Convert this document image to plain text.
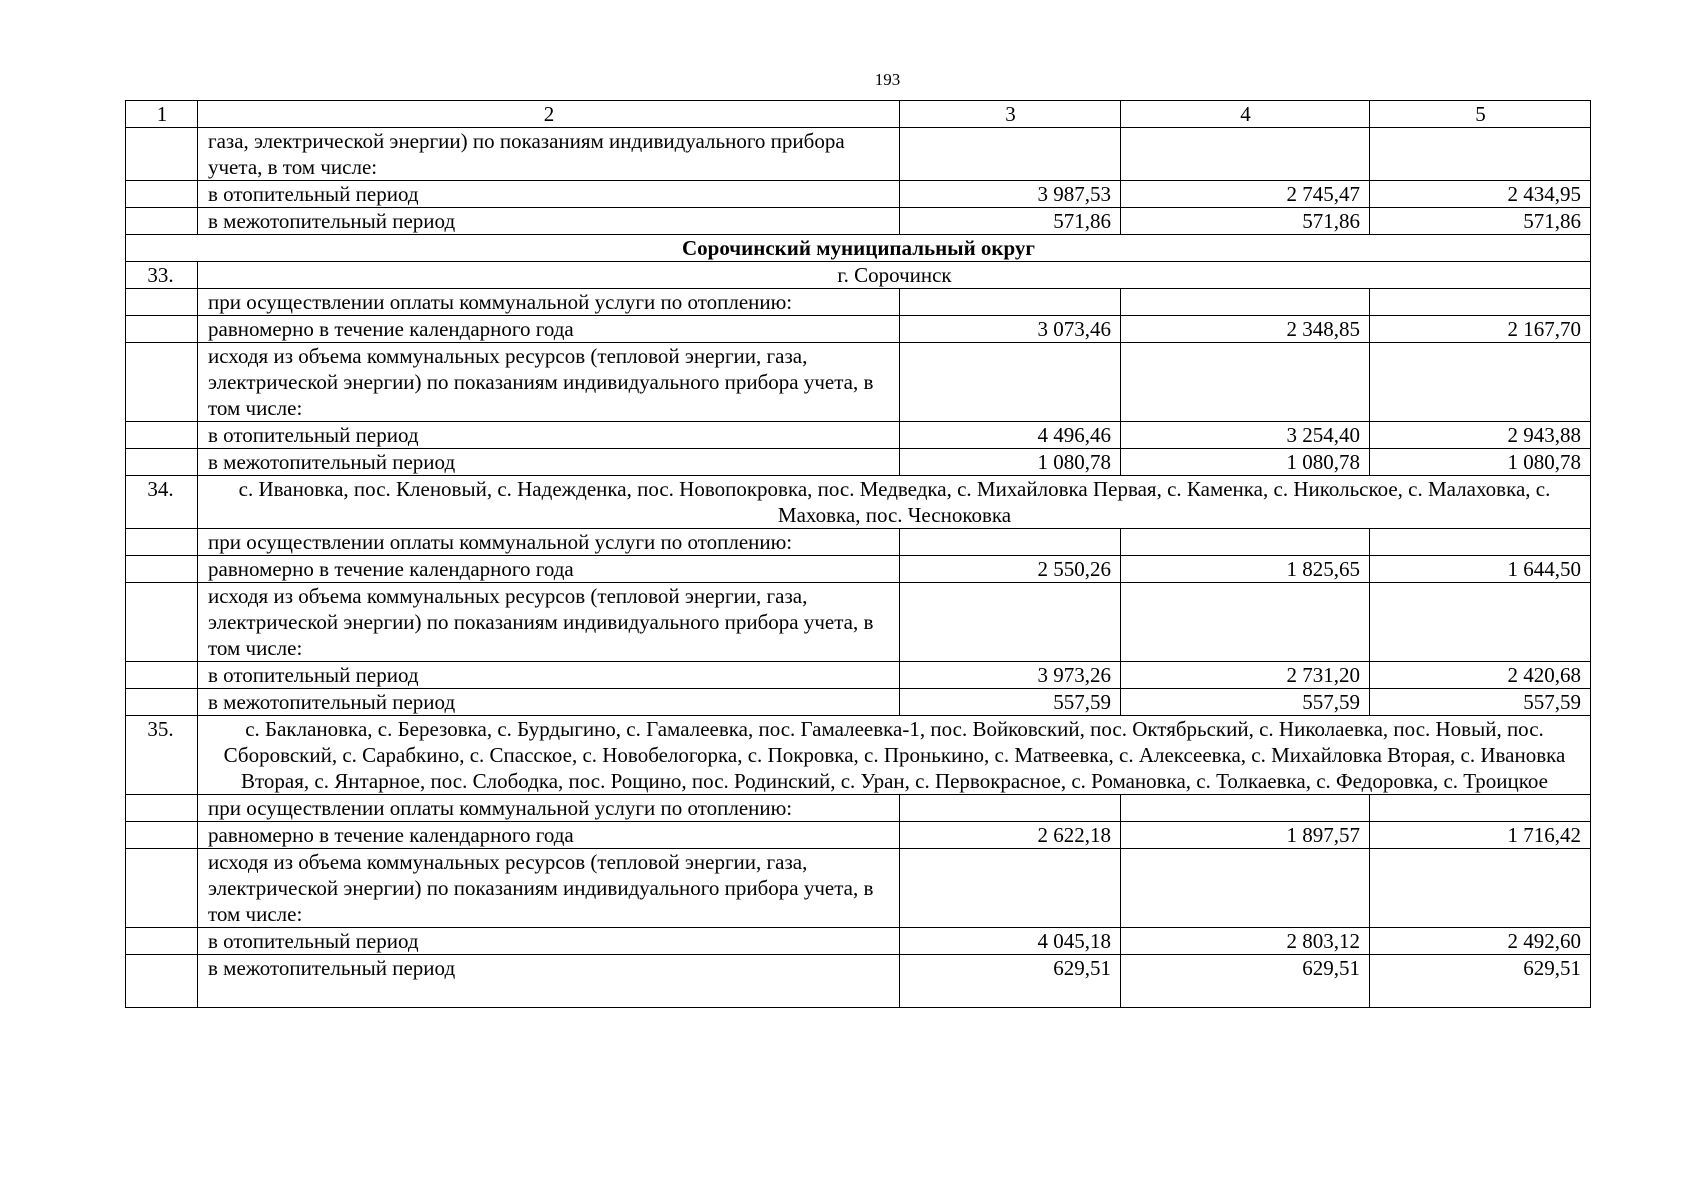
193
1	2	3	4	5
	газа, электрической энергии) по показаниям индивидуального прибора учета, в том числе:			
	в отопительный период	3 987,53	2 745,47	2 434,95
	в межотопительный период	571,86	571,86	571,86
Сорочинский муниципальный округ				
33.	г. Сорочинск			
	при осуществлении оплаты коммунальной услуги по отоплению:			
	равномерно в течение календарного года	3 073,46	2 348,85	2 167,70
	исходя из объема коммунальных ресурсов (тепловой энергии, газа, электрической энергии) по показаниям индивидуального прибора учета, в том числе:			
	в отопительный период	4 496,46	3 254,40	2 943,88
	в межотопительный период	1 080,78	1 080,78	1 080,78
34.	с. Ивановка, пос. Кленовый, с. Надежденка, пос. Новопокровка, пос. Медведка, с. Михайловка Первая, с. Каменка, с. Никольское, с. Малаховка, с. Маховка, пос. Чесноковка			
	при осуществлении оплаты коммунальной услуги по отоплению:			
	равномерно в течение календарного года	2 550,26	1 825,65	1 644,50
	исходя из объема коммунальных ресурсов (тепловой энергии, газа, электрической энергии) по показаниям индивидуального прибора учета, в том числе:			
	в отопительный период	3 973,26	2 731,20	2 420,68
	в межотопительный период	557,59	557,59	557,59
35.	с. Баклановка, с. Березовка, с. Бурдыгино, с. Гамалеевка, пос. Гамалеевка-1, пос. Войковский, пос. Октябрьский, с. Николаевка, пос. Новый, пос. Сборовский, с. Сарабкино, с. Спасское, с. Новобелогорка, с. Покровка, с. Пронькино, с. Матвеевка, с. Алексеевка, с. Михайловка Вторая, с. Ивановка Вторая, с. Янтарное, пос. Слободка, пос. Рощино, пос. Родинский, с. Уран, с. Первокрасное, с. Романовка, с. Толкаевка, с. Федоровка, с. Троицкое			
	при осуществлении оплаты коммунальной услуги по отоплению:			
	равномерно в течение календарного года	2 622,18	1 897,57	1 716,42
	исходя из объема коммунальных ресурсов (тепловой энергии, газа, электрической энергии) по показаниям индивидуального прибора учета, в том числе:			
	в отопительный период	4 045,18	2 803,12	2 492,60
	в межотопительный период	629,51	629,51	629,51
